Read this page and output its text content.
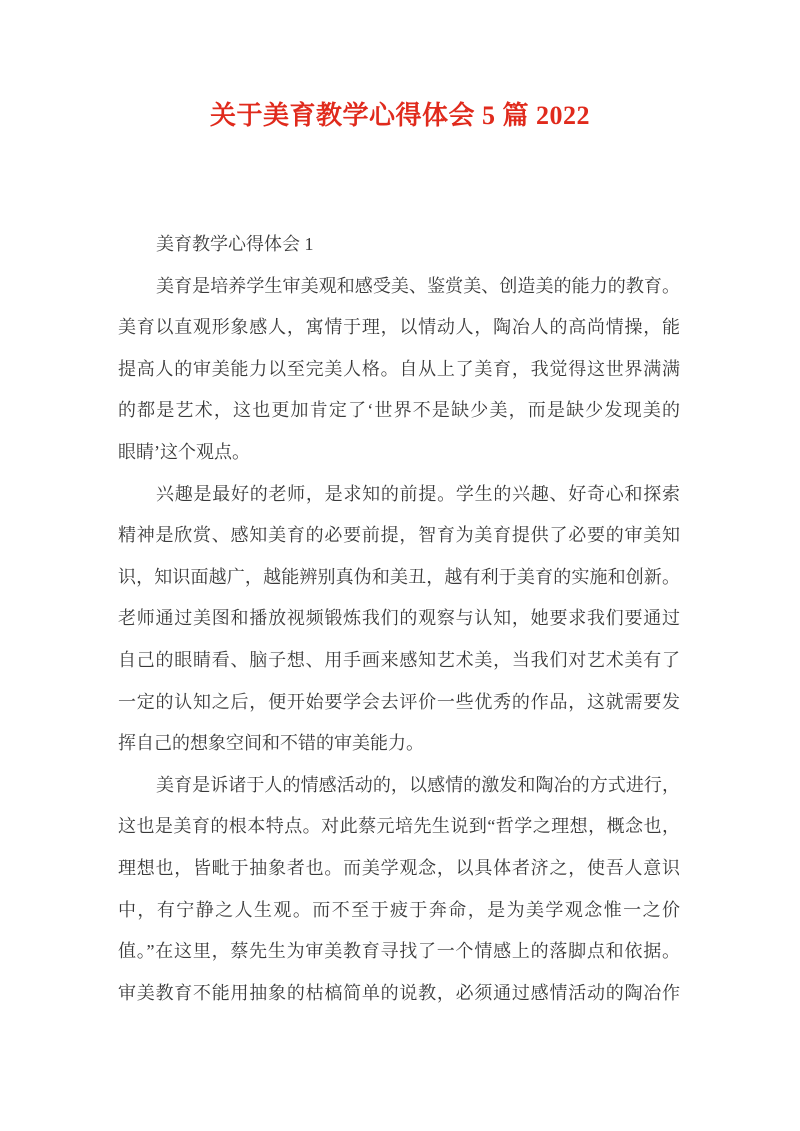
关于美育教学心得体会 5 篇 2022
美育教学心得体会 1
美育是培养学生审美观和感受美、鉴赏美、创造美的能力的教育。
美育以直观形象感人，寓情于理，以情动人，陶冶人的高尚情操，能
提高人的审美能力以至完美人格。自从上了美育，我觉得这世界满满
的都是艺术，这也更加肯定了‘世界不是缺少美，而是缺少发现美的
眼睛’这个观点。
兴趣是最好的老师，是求知的前提。学生的兴趣、好奇心和探索
精神是欣赏、感知美育的必要前提，智育为美育提供了必要的审美知
识，知识面越广，越能辨别真伪和美丑，越有利于美育的实施和创新。
老师通过美图和播放视频锻炼我们的观察与认知，她要求我们要通过
自己的眼睛看、脑子想、用手画来感知艺术美，当我们对艺术美有了
一定的认知之后，便开始要学会去评价一些优秀的作品，这就需要发
挥自己的想象空间和不错的审美能力。
美育是诉诸于人的情感活动的，以感情的激发和陶冶的方式进行，
这也是美育的根本特点。对此蔡元培先生说到“哲学之理想，概念也，
理想也，皆毗于抽象者也。而美学观念，以具体者济之，使吾人意识
中，有宁静之人生观。而不至于疲于奔命，是为美学观念惟一之价
值。”在这里，蔡先生为审美教育寻找了一个情感上的落脚点和依据。
审美教育不能用抽象的枯槁简单的说教，必须通过感情活动的陶冶作
